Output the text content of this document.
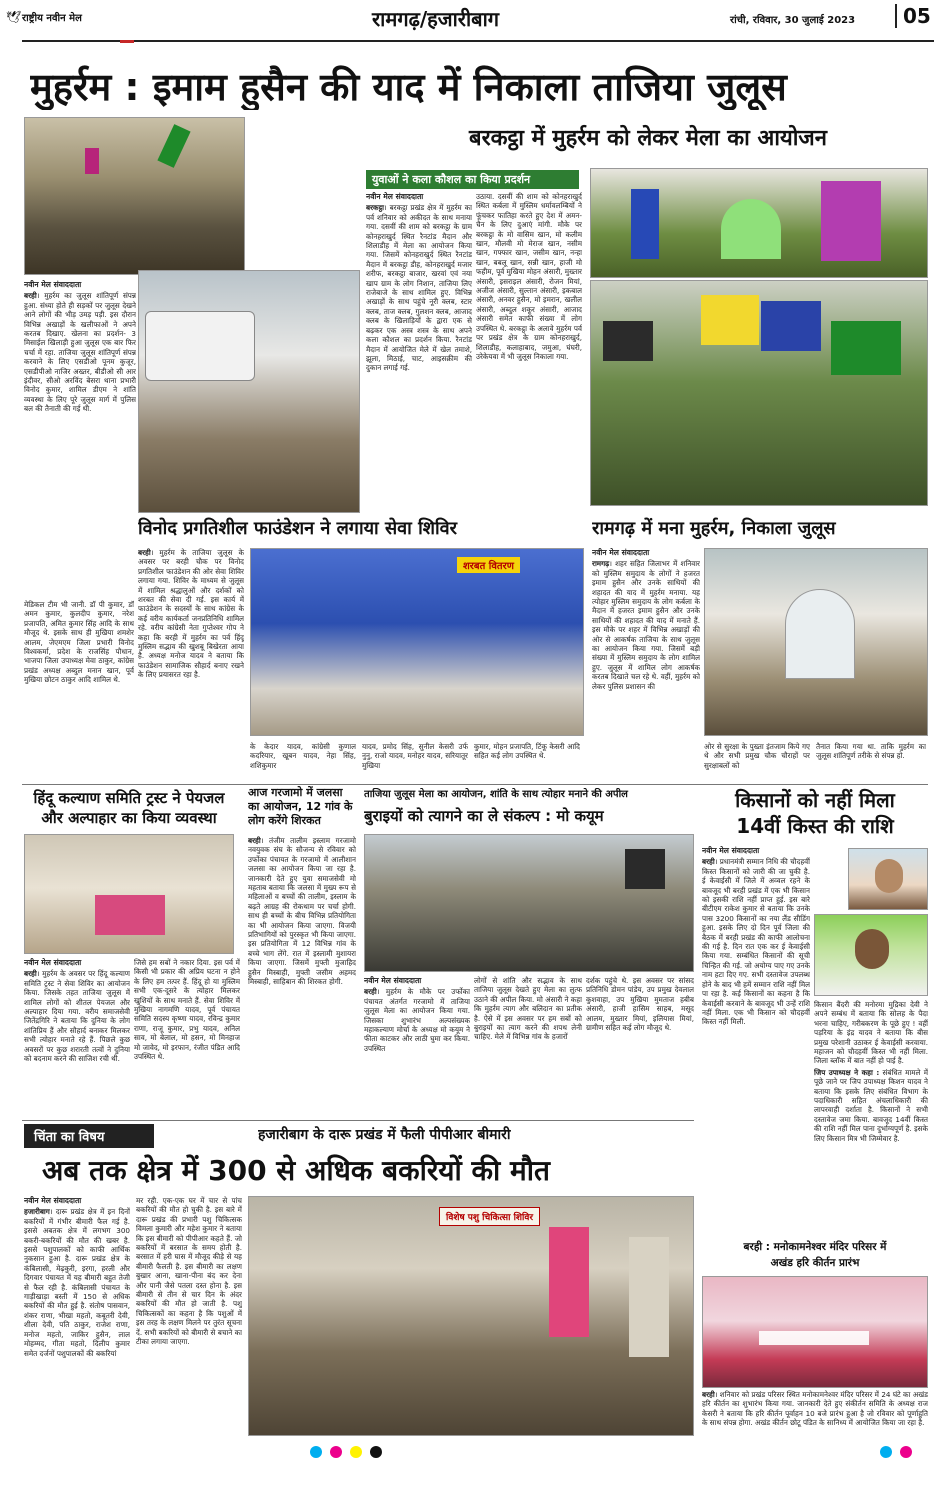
🕊 राष्ट्रीय नवीन मेल	रामगढ़/हजारीबाग	रांची, रविवार, 30 जुलाई 2023	05
मुहर्रम : इमाम हुसैन की याद में निकाला ताजिया जुलूस

नवीन मेल संवाददाता

बरही। मुहर्रम का जुलूस शांतिपूर्ण संपन्न हुआ. संध्या होते ही सड़कों पर जुलूस देखने आने लोगों की भीड़ उमड़ पड़ी. इस दौरान विभिन्न अखाड़ों के खलीफाओं ने अपने करतब दिखाए. खेलना का प्रदर्शन- 3 मिसाईल खिलाड़ी हुआ जुलूस एक बार फिर चर्चा में रहा. ताजिया जुलूस शांतिपूर्ण संपन्न करवाने के लिए एसडीओ पूनम कुजूर, एसडीपीओ नाजिर अख्तर, बीडीओ सी आर इंदीवर, सीओ अरविंद बेसरा थाना प्रभारी विनोद कुमार, शामिल डीएम ने शांति व्यवस्था के लिए पूरे जुलूस मार्ग में पुलिस बल की तैनाती की गई थी.

बरकट्ठा में मुहर्रम को लेकर मेला का आयोजन
युवाओं ने कला कौशल का किया प्रदर्शन

नवीन मेल संवाददाता

बरकट्ठा। बरकट्ठा प्रखंड क्षेत्र में मुहर्रम का पर्व शनिवार को अकीदत के साथ मनाया गया. दसवीं की शाम को बरकट्ठा के ग्राम कोनहराखुर्द स्थित रैनटांड मैदान और शिलाडीह में मेला का आयोजन किया गया. जिसमें कोनहराखुर्द स्थित रैनटांड मैदान में बरकट्ठा डीह, कोनहराखुर्द मजार शरीफ, बरकट्ठा बाजार, खरवां एवं नया खाप ग्राम के लोग निशान, ताजिया लिए राजेबाजे के साथ शामिल हुए. विभिन्न अखाड़ों के साथ पहुंचे नूरी क्लब, स्टार क्लब, ताज क्लब, गुलशन क्लब, आजाद क्लब के खिलाड़ियों के द्वारा एक से बढ़कर एक अस्त्र शस्त्र के साथ अपने कला कौशल का प्रदर्शन किया. रैनटांड मैदान में आयोजित मेले में खेल तमाशे, झूला, मिठाई, चाट, आइसक्रीम की दुकान लगाई गई.

उठाया. दसवीं की शाम को कोनहराखुर्द स्थित कर्बला में मुस्लिम धर्मावलम्बियों ने फूंचकर फातिहा करते हुए देश में अमन-चैन के लिए दुआएं मांगी. मौके पर बरकट्ठा के मो वासिम खान, मो कलीम खान, मौलवी मो मेराज खान, नसीम खान, गफ्फार खान, जसीम खान, नन्हा खान, बबलू खान, सन्नी खान, हाजी मो फहीम, पूर्व मुखिया मोहन अंसारी, मुख्तार अंसारी, इसराइल अंसारी, रोजन मियां, अजीज अंसारी, सुल्तान अंसारी, इकबाल अंसारी, अनवर हुसैन, मो इमरान, खलील अंसारी, अब्दुल शकूर अंसारी, आजाद अंसारी समेत काफी संख्या में लोग उपस्थित थे. बरकट्ठा के अलावे मुहर्रम पर्व पर प्रखंड क्षेत्र के ग्राम कोनहराखुर्द, शिलाडीह, कलाहाबाद, जमुआ, घंघरी, उरेकेयवा में भी जुलूस निकाला गया.

विनोद प्रगतिशील फाउंडेशन ने लगाया सेवा शिविर

बरही। मुहर्रम के ताजिया जुलूस के अवसर पर बरही चौक पर विनोद प्रगतिशील फाउंडेशन की ओर सेवा शिविर लगाया गया. शिविर के माध्यम से जुलूस में शामिल श्रद्धालुओं और दर्शकों को शरबत की सेवा दी गई. इस कार्य में फाउंडेशन के सदस्यों के साथ कांग्रेस के कई वरीय कार्यकर्ता जनप्रतिनिधि शामिल रहे. वरीय कांग्रेसी नेता गुप्तेश्वर गोप ने कहा कि बरही में मुहर्रम का पर्व हिंदू मुस्लिम सद्भाव की खुशबू बिखेरता आया है. अध्यक्ष मनोज यादव ने बताया कि फाउंडेशन सामाजिक सौहार्द बनाए रखने के लिए प्रयासरत रहा है.

शरबत वितरण

के केदार यादव, कांग्रेसी कुणाल कदरियार, खूबन यादव, नेहा सिंह, शशिकुमार

यादव, प्रमोद सिंह, सुनील केसरी उर्फ नुनु, राजो यादव, मनोहर यादव, सरियातूर मुखिया

कुमार, मोहन प्रजापति, टिंकू केसरी आदि सहित कई लोग उपस्थित थे.

मेडिकल टीम भी जानी. डॉ पी कुमार, डॉ अमन कुमार, कुलदीप कुमार, नरेश प्रजापति, अमित कुमार सिंह आदि के साथ मौजूद थे. इसके साथ ही मुखिया शमशेर आलम, जेएमएम जिला प्रभारी विनोद विश्वकर्मा, प्रदेश के राजसिंह पौधान, भाजपा जिला उपाध्यक्ष मेवा ठाकुर, कांग्रेस प्रखंड अध्यक्ष अब्दुल मनान खान, पूर्व मुखिया छोटन ठाकुर आदि शामिल थे.

रामगढ़ में मना मुहर्रम, निकाला जुलूस

नवीन मेल संवाददाता

रामगढ़। शहर सहित जिलाभर में शनिवार को मुस्लिम समुदाय के लोगों ने हजरत इमाम हुसैन और उनके साथियों की शहादत की याद में मुहर्रम मनाया. यह त्योहार मुस्लिम समुदाय के लोग कर्बला के मैदान में हजरत इमाम हुसैन और उनके साथियों की शहादत की याद में मनाते हैं. इस मौके पर शहर में विभिन्न अखाड़ों की ओर से आकर्षक ताजिया के साथ जुलूस का आयोजन किया गया. जिसमें बड़ी संख्या में मुस्लिम समुदाय के लोग शामिल हुए. जुलूस में शामिल लोग आकर्षक करतब दिखाते चल रहे थे. वहीं, मुहर्रम को लेकर पुलिस प्रशासन की

ओर से सुरक्षा के पुख्ता इंतजाम किये गए थे और सभी प्रमुख चौक चौराहों पर सुरक्षाबलों को

तैनात किया गया था. ताकि मुहर्रम का जुलूस शांतिपूर्ण तरीके से संपन्न हो.

हिंदू कल्याण समिति ट्रस्ट ने पेयजल और अल्पाहार का किया व्यवस्था

नवीन मेल संवाददाता

बरही। मुहर्रम के अवसर पर हिंदू कल्याण समिति ट्रस्ट ने सेवा शिविर का आयोजन किया. जिसके तहत ताजिया जुलूस में शामिल लोगों को शीतल पेयजल और अल्पाहार दिया गया. वरीय समाजसेवी जितेंद्रगिरि ने बताया कि दुनिया के लोग शांतिप्रिय हैं और सौहार्द बनाकर मिलकर सभी त्योहार मनाते रहे हैं. पिछले कुछ अवसरों पर कुछ शरारती तत्वों ने दुनिया को बदनाम करने की साजिश रची थी.

जिसे हम सबों ने नकार दिया. इस पर्व में किसी भी प्रकार की अप्रिय घटना न होने के लिए हम तत्पर हैं. हिंदू हो या मुस्लिम सभी एक-दूसरे के त्योहार मिलकर खुशियों के साथ मनाते हैं. सेवा शिविर में मुखिया नागमणि यादव, पूर्व पंचायत समिति सदस्य कृष्णा यादव, रविन्द्र कुमार राणा, राजू कुमार, प्रभु यादव, अनिल साव, मो बेलाल, मो हसन, मो मिनहाज मो जावेद, मो इरफान, रंजीत पंडित आदि उपस्थित थे.

आज गरजामो में जलसा का आयोजन, 12 गांव के लोग करेंगे शिरकत

बरही। तंजीम तालीम इस्लाम गरजामो नवयुवक संघ के सौजन्य से रविवार को उर्फोका पंचायत के गरजामो में आलीशान जलसा का आयोजन किया जा रहा है. जानकारी देते हुए युवा समाजसेवी मो महताब बताया कि जलसा में मुख्य रूप से महिलाओं व बच्चों की तालीम, इस्लाम के बढ़ते आग्रह की रोकथाम पर चर्चा होगी. साथ ही बच्चों के बीच विभिन्न प्रतियोगिता का भी आयोजन किया जाएगा. विजयी प्रतिभागियों को पुरस्कृत भी किया जाएगा. इस प्रतियोगिता में 12 विभिन्न गांव के बच्चे भाग लेंगे. रात में इस्लामी मुशायरा किया जाएगा. जिसमें मुफ्ती मुजाहिद हुसैन मिस्बाही, मुफ्ती जसीम अहमद मिस्बाही, साहिबान की शिरकत होगी.

ताजिया जुलूस मेला का आयोजन, शांति के साथ त्योहार मनाने की अपील
बुराइयों को त्यागने का ले संकल्प : मो कयूम

नवीन मेल संवाददाता

बरही। मुहर्रम के मौके पर उर्फोका पंचायत अंतर्गत गरजामो में ताजिया जुलूस मेला का आयोजन किया गया. जिसका शुभारंभ अल्पसंख्यक महाकल्याण मोर्चा के अध्यक्ष मो कयूम ने फीता काटकर और लाठी घुमा कर किया. उपस्थित

लोगों से शांति और सद्भाव के साथ ताजिया जुलूस देखते हुए मेला का लुत्फ उठाने की अपील किया. मो अंसारी ने कहा कि मुहर्रम त्याग और बलिदान का प्रतीक है. ऐसे में इस अवसर पर हम सबों को बुराइयों का त्याग करने की शपथ लेनी चाहिए. मेले में विभिन्न गांव के हजारों

दर्शक पहुंचे थे. इस अवसर पर सांसद प्रतिनिधि डोमन पांडेय, उप प्रमुख देवलाल कुशवाहा, उप मुखिया मुमताज हबीब अंसारी, हाजी हासिम साहब, मसूद आलम, मुख्तार मियां, इलियास मियां, ग्रामीण सहित कई लोग मौजूद थे.

किसानों को नहीं मिला
14वीं किस्त की राशि

नवीन मेल संवाददाता

बरही। प्रधानमंत्री सम्मान निधि की चौदहवीं किस्त किसानों को जारी की जा चुकी है. ई केवाईसी में जिले में अव्वल रहने के बावजूद भी बरही प्रखंड में एक भी किसान को इसकी राशि नहीं प्राप्त हुई. इस बारे बीटीएम राकेश कुमार से बताया कि उनके पास 3200 किसानों का नया लैंड सीडिंग हुआ. इसके लिए दो दिन पूर्व जिला की बैठक में बरही प्रखंड की काफी आलोचना की गई है. दिन रात एक कर ई केवाईसी किया गया. सम्बंधित किसानों की सूची चिन्हित की गई. जो अयोग्य पाए गए उनके नाम हटा दिए गए. सभी दस्तावेज उपलब्ध होने के बाद भी हमें सम्मान राशि नहीं मिल पा रहा है. कई किसानों का कहना है कि केवाईसी करवाने के बावजूद भी उन्हें राशि नहीं मिला. एक भी किसान को चौदहवीं किस्त नहीं मिली.

किसान बैंदरी की मनोरमा मुद्रिका देवी ने अपने सम्बंध में बताया कि सोलह के पैदा भरना चाहिए, गरीबकरण के पूछे हुए ! वहीं पड़रिया के इंद्र यादव ने बताया कि बीस प्रमुख परेशानी उठाकर ई केवाईसी करवाया. महाजन को चौदहवीं किस्त भी नहीं मिला. जिला ब्लॉक में बात नहीं हो पाई है.

जिप उपाध्यक्ष ने कहा : संबंधित मामले में पूछे जाने पर जिप उपाध्यक्ष किशन यादव ने बताया कि इसके लिए संबंधित विभाग के पदाधिकारी सहित अंचलाधिकारी की लापरवाही दर्शाता है. किसानों ने सभी दस्तावेज जमा किया. बावजूद 14वीं किस्त की राशि नहीं मिल पाना दुर्भाग्यपूर्ण है. इसके लिए किसान मित्र भी जिम्मेवार है.

बरही : मनोकामनेश्वर मंदिर परिसर में
अखंड हरि कीर्तन प्रारंभ

बरही। शनिवार को प्रखंड परिसर स्थित मनोकामनेश्वर मंदिर परिसर में 24 घंटे का अखंड हरि कीर्तन का शुभारंभ किया गया. जानकारी देते हुए संकीर्तन समिति के अध्यक्ष राज केसरी ने बताया कि हरि कीर्तन पूर्वाहन 10 बजे प्रारंभ हुआ है जो रविवार को पूर्णाहुति के साथ संपन्न होगा. अखंड कीर्तन छोटू पंडित के सानिध्य में आयोजित किया जा रहा है.

चिंता का विषय	हजारीबाग के दारू प्रखंड में फैली पीपीआर बीमारी
अब तक क्षेत्र में 300 से अधिक बकरियों की मौत

नवीन मेल संवाददाता

हजारीबाग। दारू प्रखंड क्षेत्र में इन दिनों बकरियों में गंभीर बीमारी फैल गई है. इससे अबतक क्षेत्र में लगभग 300 बकरी-बकरियों की मौत की खबर है. इससे पशुपालकों को काफी आर्थिक नुकसान हुआ है. दारू प्रखंड क्षेत्र के कंबिलासी, मेढ़कुरी, इरगा, हरली और दिगवार पंचायत में यह बीमारी बहुत तेजी से फैल रही है. कंबिलासी पंचायत के गाड़ीखाड़ा बस्ती में 150 से अधिक बकरियों की मौत हुई है. संतोष पासवान, शंकर राणा, भीखा महतो, कबूतरी देवी, शीला देवी, पति ठाकुर, राजेश राणा, मनोज महतो, जाकिर हुसैन, लाल मोहम्मद, गीता महतो, दिलीप कुमार समेत दर्जनों पशुपालकों की बकरियां

मर रही. एक-एक घर में चार से पांच बकरियों की मौत हो चुकी है. इस बारे में दारू प्रखंड की प्रभारी पशु चिकित्सक विमला कुमारी और महेश कुमार ने बताया कि इस बीमारी को पीपीआर कहते हैं. जो बकरियों में बरसात के समय होती है. बरसात में हरी घास में मौजूद कीड़े से यह बीमारी फैलती है. इस बीमारी का लक्षण बुखार आना, खाना-पीना बंद कर देना और पानी जैसे पतला दस्त होना है. इस बीमारी से तीन से चार दिन के अंदर बकरियों की मौत हो जाती है. पशु चिकित्सकों का कहना है कि पशुओं में इस तरह के लक्षण मिलने पर तुरंत सूचना दें. सभी बकरियों को बीमारी से बचाने का टीका लगाया जाएगा.

विशेष पशु चिकित्सा शिविर
